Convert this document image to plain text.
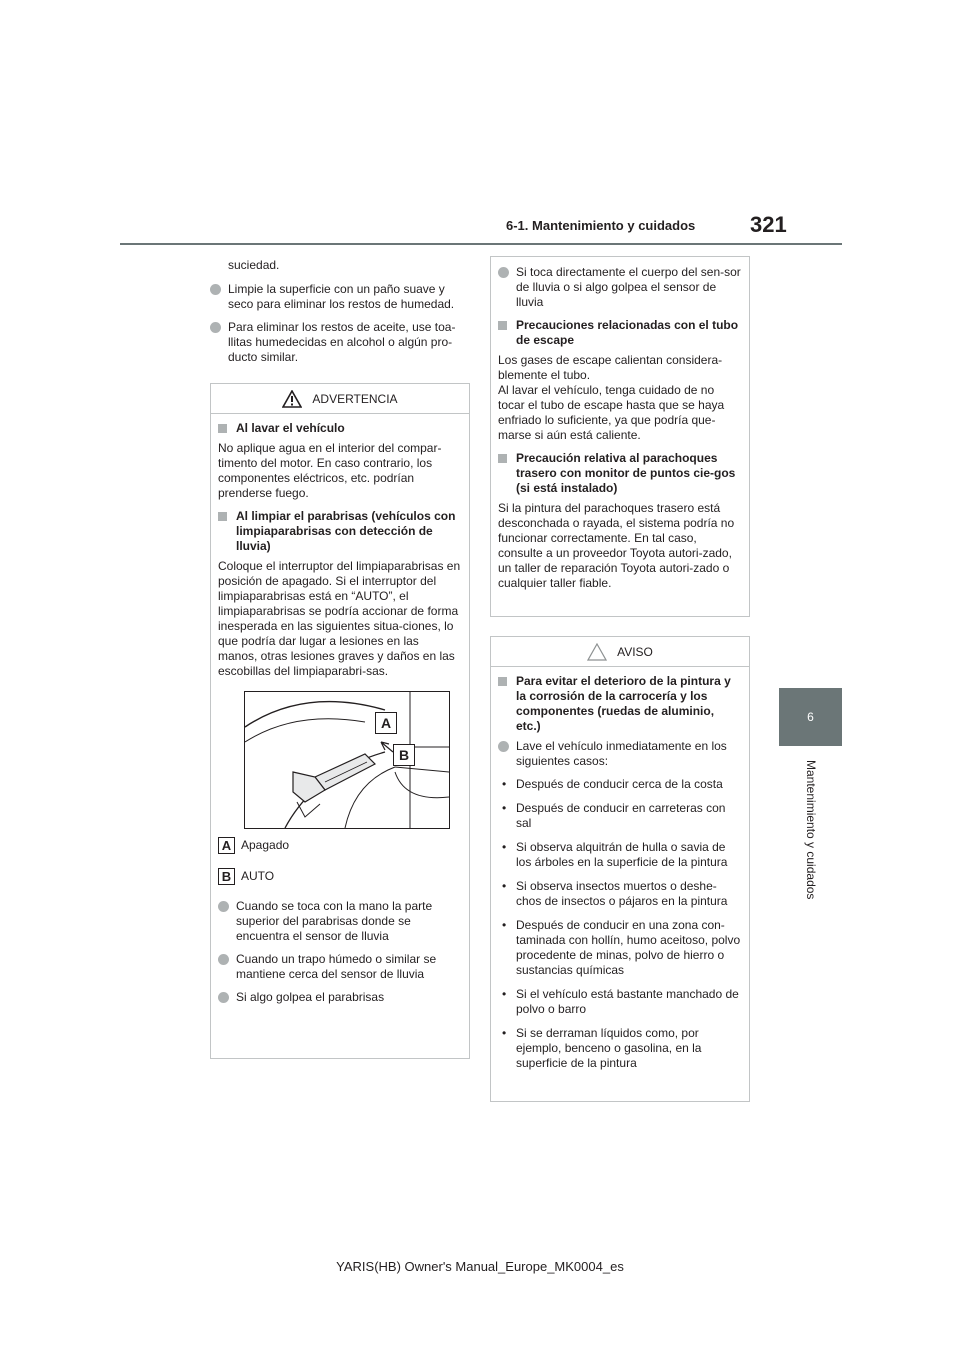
6-1. Mantenimiento y cuidados 321
6
Mantenimiento y cuidados
suciedad.
Limpie la superficie con un paño suave y seco para eliminar los restos de humedad.
Para eliminar los restos de aceite, use toa-llitas humedecidas en alcohol o algún pro-ducto similar.
ADVERTENCIA
Al lavar el vehículo
No aplique agua en el interior del compar-timento del motor. En caso contrario, los componentes eléctricos, etc. podrían prenderse fuego.
Al limpiar el parabrisas (vehículos con limpiaparabrisas con detección de lluvia)
Coloque el interruptor del limpiaparabrisas en posición de apagado. Si el interruptor del limpiaparabrisas está en “AUTO”, el limpiaparabrisas se podría accionar de forma inesperada en las siguientes situa-ciones, lo que podría dar lugar a lesiones en las manos, otras lesiones graves y daños en las escobillas del limpiaparabri-sas.
A
B
A Apagado
B AUTO
Cuando se toca con la mano la parte superior del parabrisas donde se encuentra el sensor de lluvia
Cuando un trapo húmedo o similar se mantiene cerca del sensor de lluvia
Si algo golpea el parabrisas
Si toca directamente el cuerpo del sen-sor de lluvia o si algo golpea el sensor de lluvia
Precauciones relacionadas con el tubo de escape
Los gases de escape calientan considera-blemente el tubo.
Al lavar el vehículo, tenga cuidado de no tocar el tubo de escape hasta que se haya enfriado lo suficiente, ya que podría que-marse si aún está caliente.
Precaución relativa al parachoques trasero con monitor de puntos cie-gos (si está instalado)
Si la pintura del parachoques trasero está desconchada o rayada, el sistema podría no funcionar correctamente. En tal caso, consulte a un proveedor Toyota autori-zado, un taller de reparación Toyota autori-zado o cualquier taller fiable.
AVISO
Para evitar el deterioro de la pintura y la corrosión de la carrocería y los componentes (ruedas de aluminio, etc.)
Lave el vehículo inmediatamente en los siguientes casos:
• Después de conducir cerca de la costa
• Después de conducir en carreteras con sal
• Si observa alquitrán de hulla o savia de los árboles en la superficie de la pintura
• Si observa insectos muertos o deshe-chos de insectos o pájaros en la pintura
• Después de conducir en una zona con-taminada con hollín, humo aceitoso, polvo procedente de minas, polvo de hierro o sustancias químicas
• Si el vehículo está bastante manchado de polvo o barro
• Si se derraman líquidos como, por ejemplo, benceno o gasolina, en la superficie de la pintura
YARIS(HB) Owner's Manual_Europe_MK0004_es
